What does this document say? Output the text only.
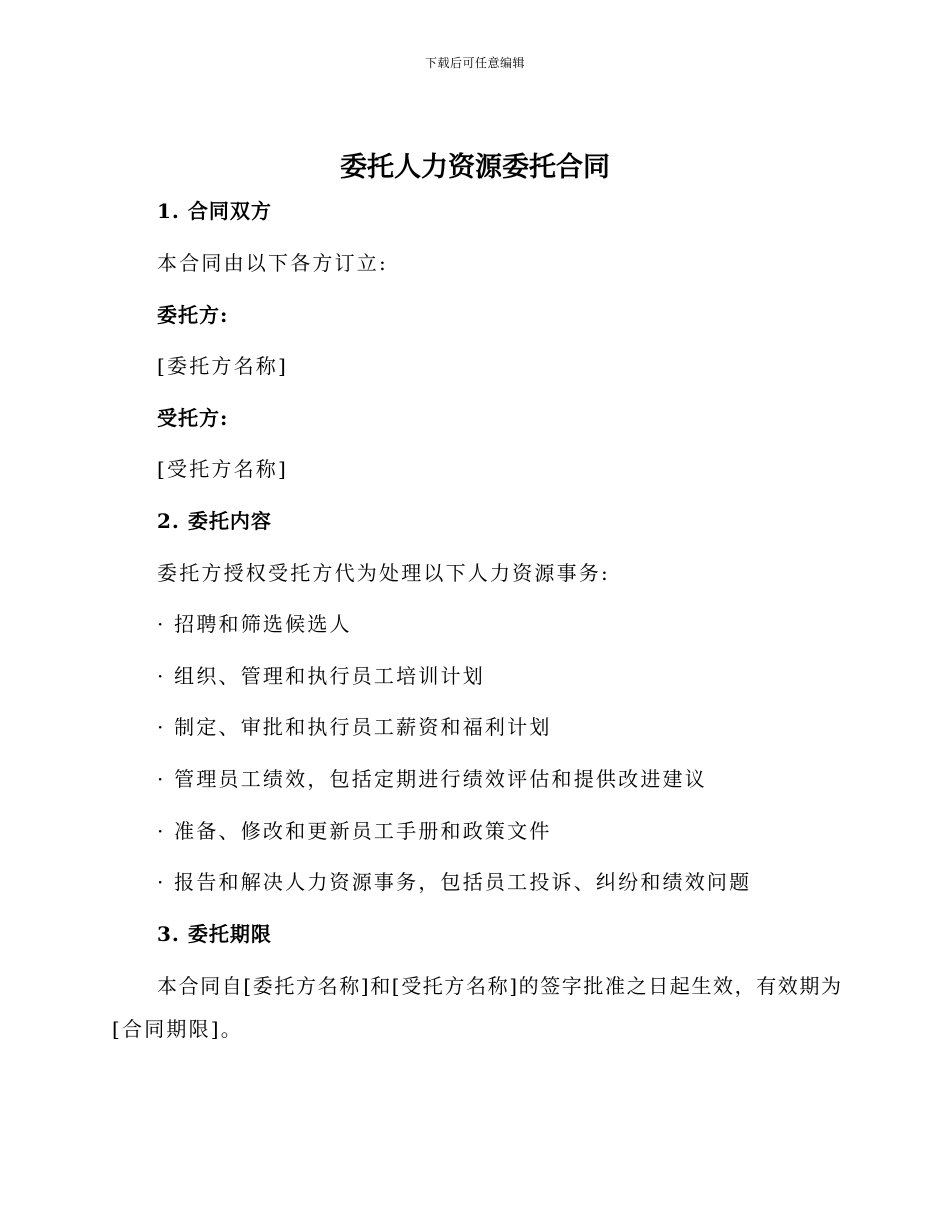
下载后可任意编辑
委托人力资源委托合同
1. 合同双方
本合同由以下各方订立:
委托方:
[委托方名称]
受托方:
[受托方名称]
2. 委托内容
委托方授权受托方代为处理以下人力资源事务:
· 招聘和筛选候选人
· 组织、管理和执行员工培训计划
· 制定、审批和执行员工薪资和福利计划
· 管理员工绩效，包括定期进行绩效评估和提供改进建议
· 准备、修改和更新员工手册和政策文件
· 报告和解决人力资源事务，包括员工投诉、纠纷和绩效问题
3. 委托期限
本合同自[委托方名称]和[受托方名称]的签字批准之日起生效，有效期为
[合同期限]。
